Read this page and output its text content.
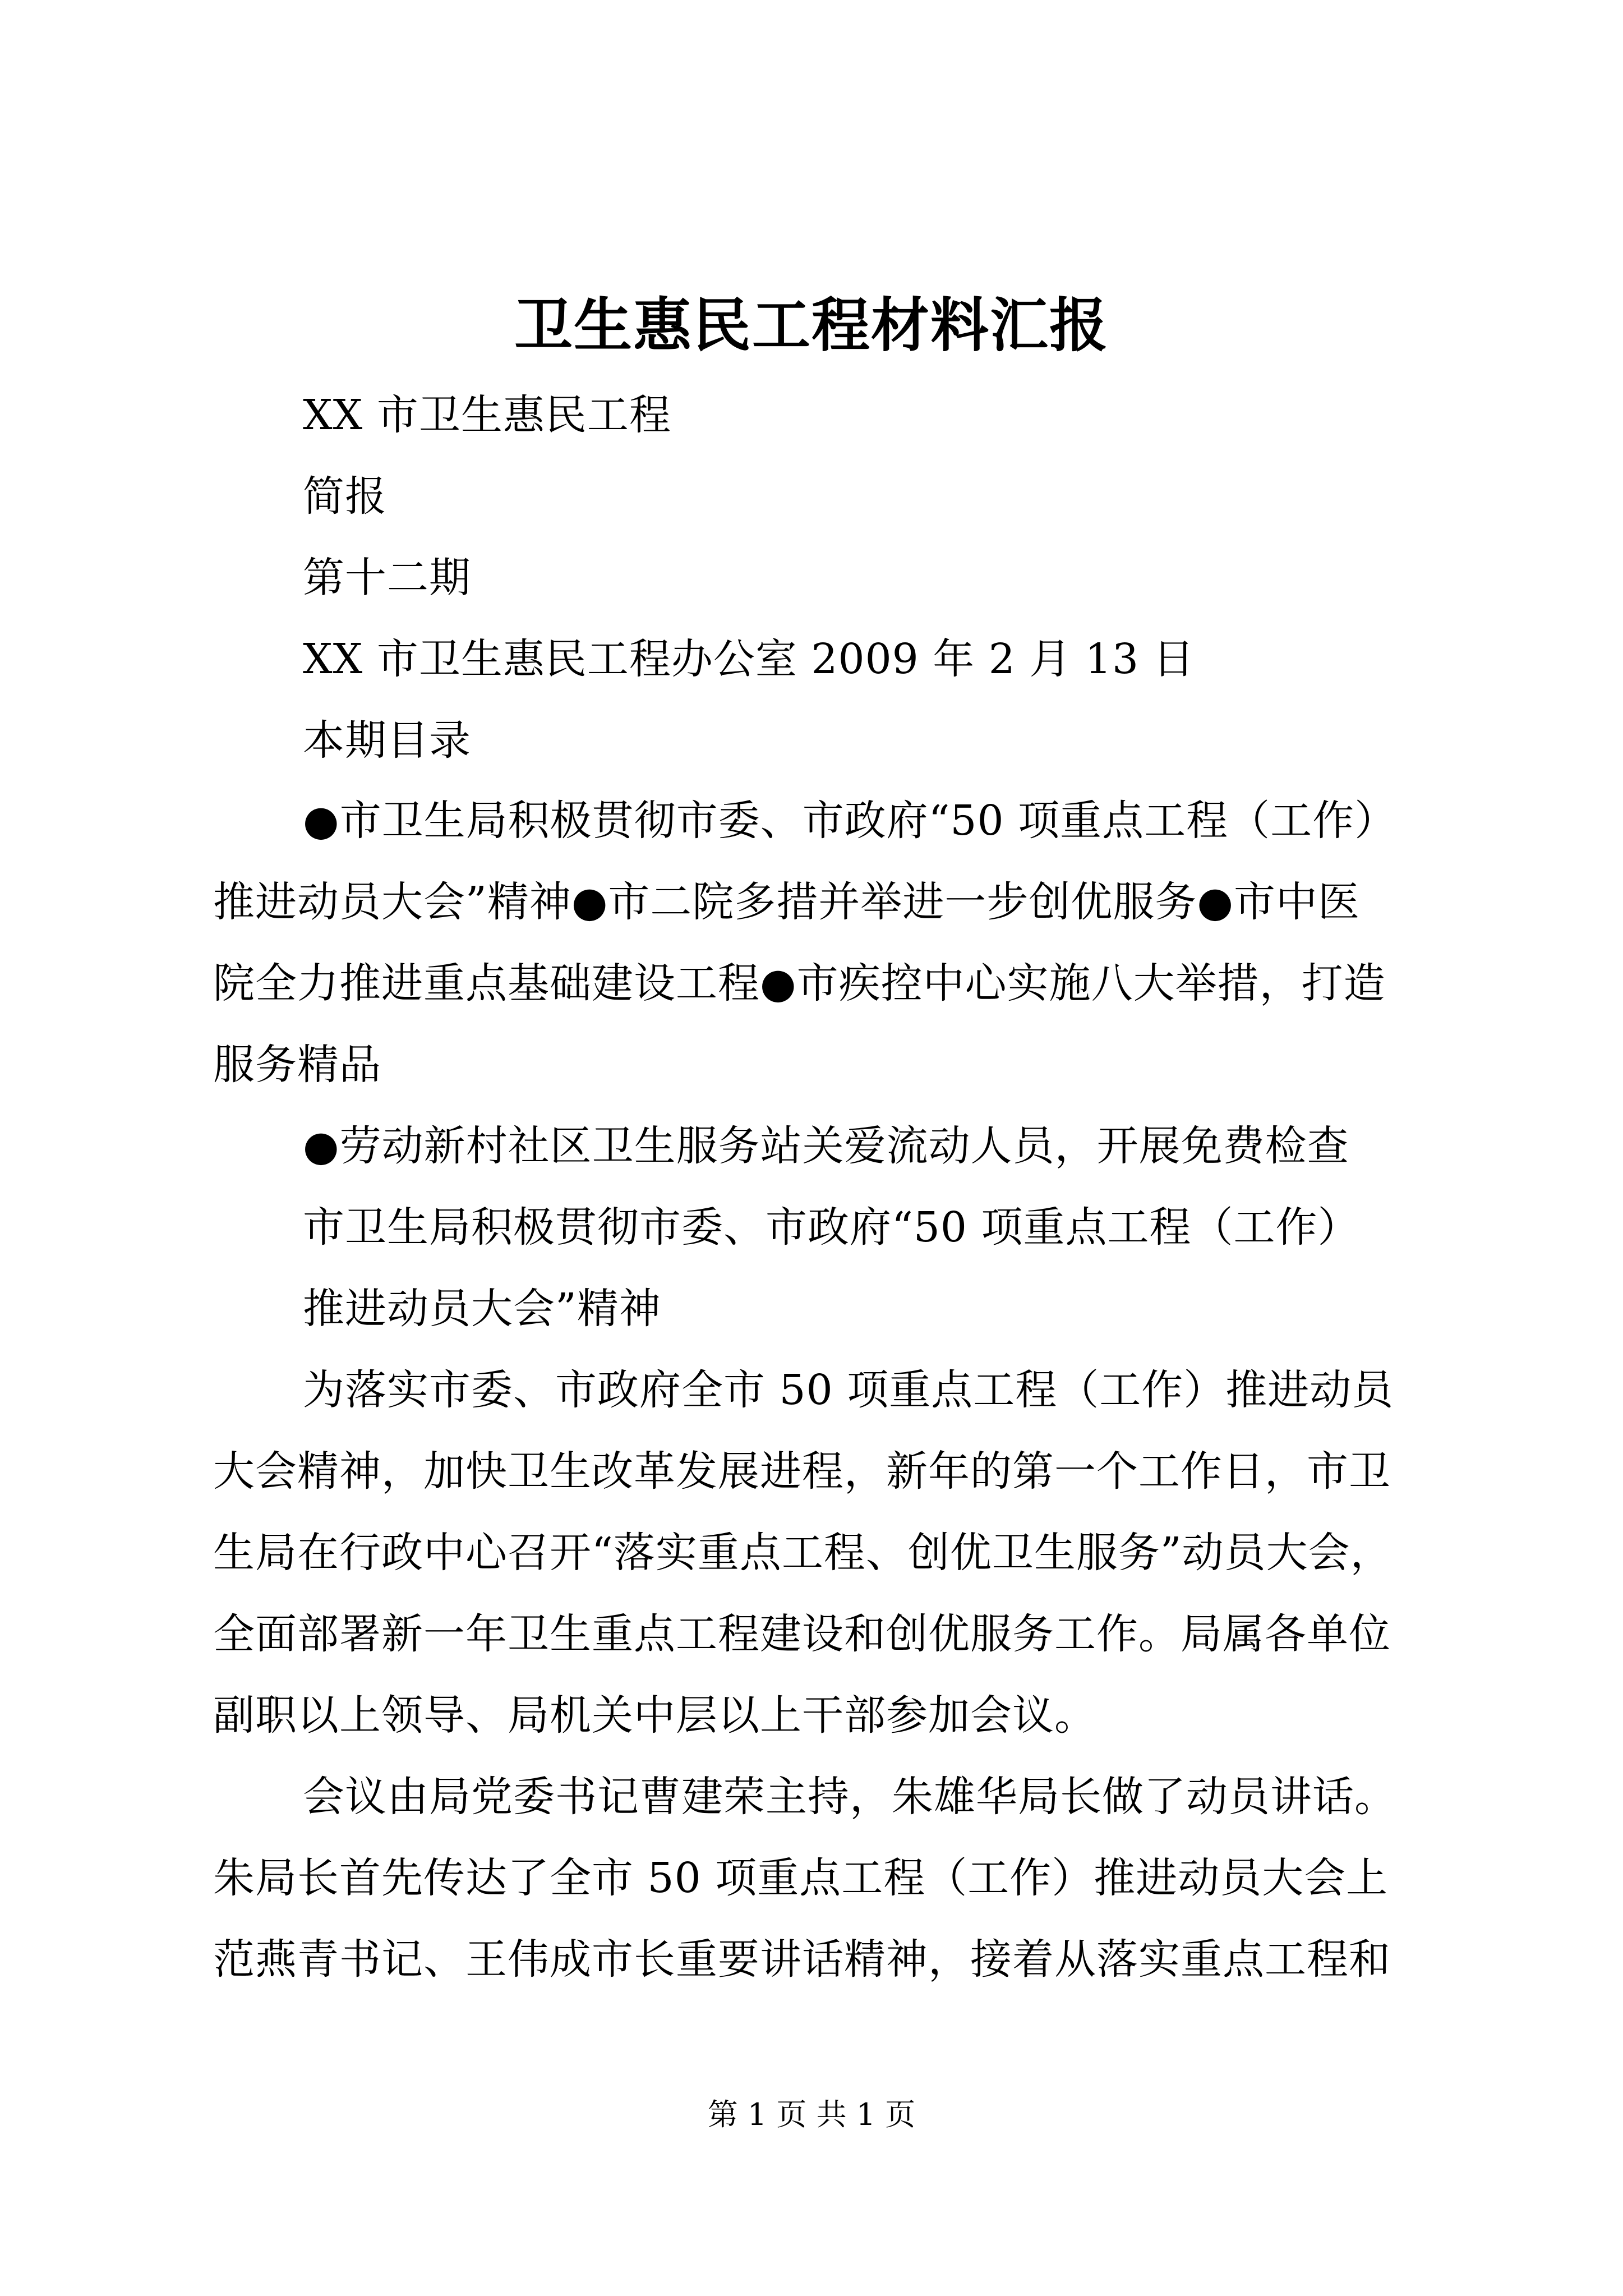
卫生惠民工程材料汇报
XX 市卫生惠民工程
简报
第十二期
XX 市卫生惠民工程办公室 2009 年 2 月 13 日
本期目录
●市卫生局积极贯彻市委、市政府“50 项重点工程（工作）
推进动员大会”精神●市二院多措并举进一步创优服务●市中医
院全力推进重点基础建设工程●市疾控中心实施八大举措，打造
服务精品
●劳动新村社区卫生服务站关爱流动人员，开展免费检查
市卫生局积极贯彻市委、市政府“50 项重点工程（工作）
推进动员大会”精神
为落实市委、市政府全市 50 项重点工程（工作）推进动员
大会精神，加快卫生改革发展进程，新年的第一个工作日，市卫
生局在行政中心召开“落实重点工程、创优卫生服务”动员大会，
全面部署新一年卫生重点工程建设和创优服务工作。局属各单位
副职以上领导、局机关中层以上干部参加会议。
会议由局党委书记曹建荣主持，朱雄华局长做了动员讲话。
朱局长首先传达了全市 50 项重点工程（工作）推进动员大会上
范燕青书记、王伟成市长重要讲话精神，接着从落实重点工程和
第 1 页 共 1 页
